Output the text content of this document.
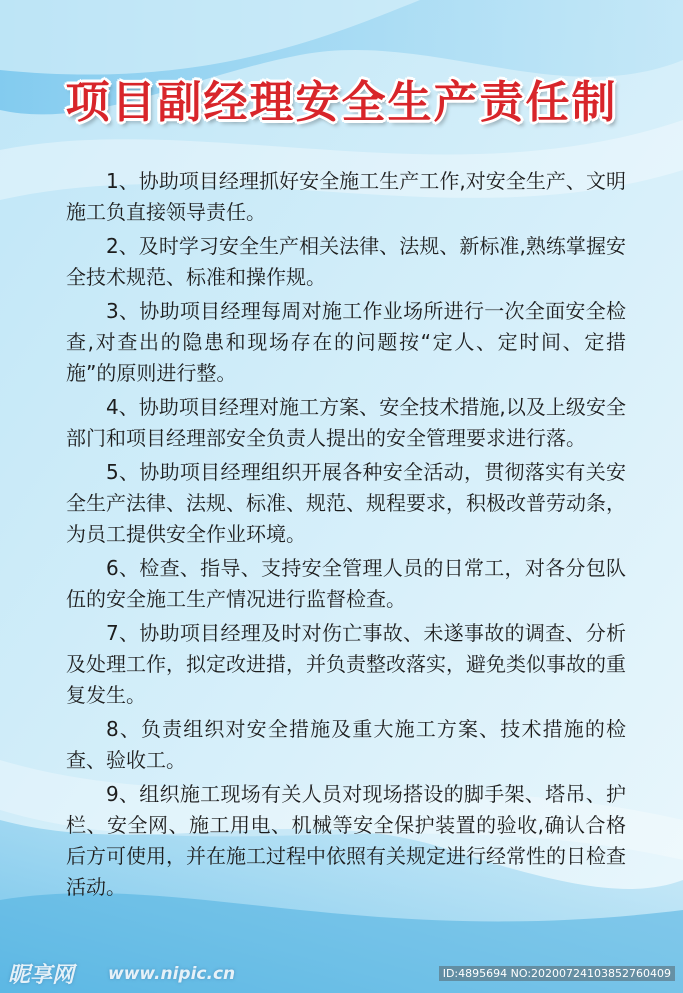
项目副经理安全生产责任制

1、协助项目经理抓好安全施工生产工作,对安全生产、文明施工负直接领导责任。

2、及时学习安全生产相关法律、法规、新标准,熟练掌握安全技术规范、标准和操作规。

3、协助项目经理每周对施工作业场所进行一次全面安全检查,对查出的隐患和现场存在的问题按“定人、定时间、定措施”的原则进行整。

4、协助项目经理对施工方案、安全技术措施,以及上级安全部门和项目经理部安全负责人提出的安全管理要求进行落。

5、协助项目经理组织开展各种安全活动，贯彻落实有关安全生产法律、法规、标准、规范、规程要求，积极改普劳动条，为员工提供安全作业环境。

6、检查、指导、支持安全管理人员的日常工，对各分包队伍的安全施工生产情况进行监督检查。

7、协助项目经理及时对伤亡事故、未遂事故的调查、分析及处理工作，拟定改进措，并负责整改落实，避免类似事故的重复发生。

8、负责组织对安全措施及重大施工方案、技术措施的检查、验收工。

9、组织施工现场有关人员对现场搭设的脚手架、塔吊、护栏、安全网、施工用电、机械等安全保护装置的验收,确认合格后方可使用，并在施工过程中依照有关规定进行经常性的日检查活动。

昵享网 www.nipic.cn	ID:4895694 NO:20200724103852760409
